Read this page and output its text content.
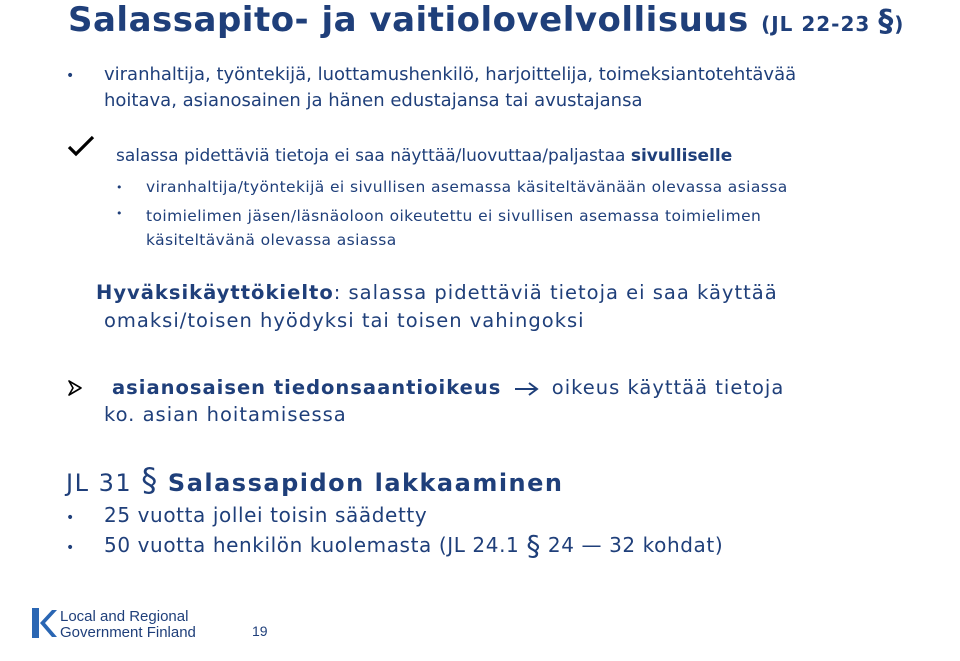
Salassapito- ja vaitiolovelvollisuus (JL 22-23 §)
• viranhaltija, työntekijä, luottamushenkilö, harjoittelija, toimeksiantotehtävää
hoitava, asianosainen ja hänen edustajansa tai avustajansa
salassa pidettäviä tietoja ei saa näyttää/luovuttaa/paljastaa sivulliselle
• viranhaltija/työntekijä ei sivullisen asemassa käsiteltävänään olevassa asiassa
• toimielimen jäsen/läsnäoloon oikeutettu ei sivullisen asemassa toimielimen
käsiteltävänä olevassa asiassa
Hyväksikäyttökielto: salassa pidettäviä tietoja ei saa käyttää
omaksi/toisen hyödyksi tai toisen vahingoksi
asianosaisen tiedonsaantioikeus	oikeus käyttää tietoja
ko. asian hoitamisessa
JL 31 § Salassapidon lakkaaminen
• 25 vuotta jollei toisin säädetty
• 50 vuotta henkilön kuolemasta (JL 24.1 § 24 — 32 kohdat)
Local and Regional
Government Finland	19
